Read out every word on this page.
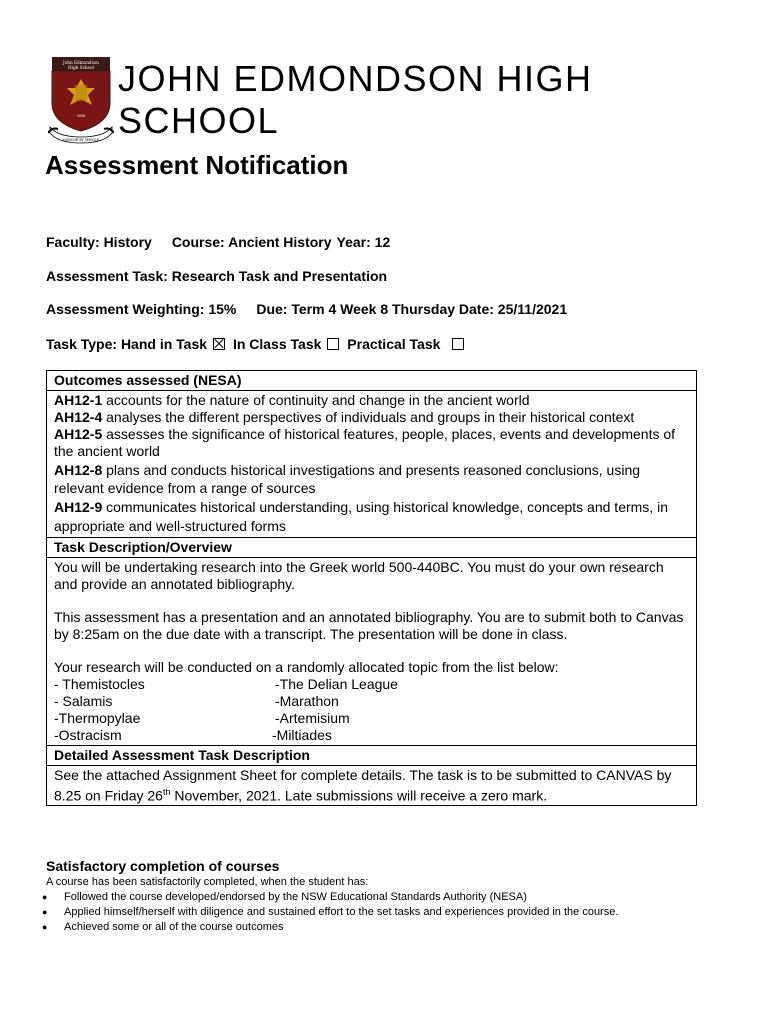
John Edmondson
High School
2006
HONOUR BY SERVICE
JOHN EDMONDSON HIGH
SCHOOL
Assessment Notification
Faculty: History Course: Ancient History Year: 12
Assessment Task: Research Task and Presentation
Assessment Weighting: 15% Due: Term 4 Week 8 Thursday Date: 25/11/2021
Task Type: Hand in Task In Class Task Practical Task
Outcomes assessed (NESA)

AH12-1 accounts for the nature of continuity and change in the ancient world

AH12-4 analyses the different perspectives of individuals and groups in their historical context

AH12-5 assesses the significance of historical features, people, places, events and developments of the ancient world

AH12-8 plans and conducts historical investigations and presents reasoned conclusions, using relevant evidence from a range of sources

AH12-9 communicates historical understanding, using historical knowledge, concepts and terms, in appropriate and well-structured forms

Task Description/Overview

You will be undertaking research into the Greek world 500-440BC. You must do your own research and provide an annotated bibliography.

This assessment has a presentation and an annotated bibliography. You are to submit both to Canvas by 8:25am on the due date with a transcript. The presentation will be done in class.

Your research will be conducted on a randomly allocated topic from the list below:

- Themistocles	-The Delian League
- Salamis	-Marathon
-Thermopylae	-Artemisium
-Ostracism	-Miltiades

Detailed Assessment Task Description
See the attached Assignment Sheet for complete details. The task is to be submitted to CANVAS by 8.25 on Friday 26th November, 2021. Late submissions will receive a zero mark.
Satisfactory completion of courses
A course has been satisfactorily completed, when the student has:
● Followed the course developed/endorsed by the NSW Educational Standards Authority (NESA)
● Applied himself/herself with diligence and sustained effort to the set tasks and experiences provided in the course.
● Achieved some or all of the course outcomes
